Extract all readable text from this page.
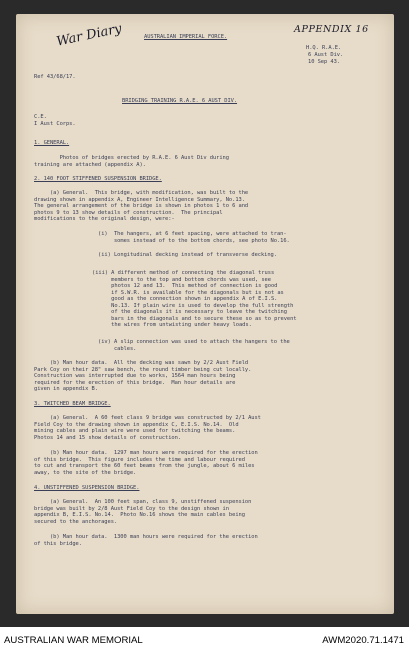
War Diary	APPENDIX 16
AUSTRALIAN IMPERIAL FORCE.
H.Q. R.A.E.
6 Aust Div.
10 Sep 43.
Ref 43/68/17.
BRIDGING TRAINING R.A.E. 6 AUST DIV.
C.E.
I Aust Corps.
1. GENERAL.
Photos of bridges erected by R.A.E. 6 Aust Div during
training are attached (appendix A).
2. 140 FOOT STIFFENED SUSPENSION BRIDGE.
(a) General.  This bridge, with modification, was built to the
drawing shown in appendix A, Engineer Intelligence Summary, No.13.
The general arrangement of the bridge is shown in photos 1 to 6 and
photos 9 to 13 show details of construction.  The principal
modifications to the original design, were:-
(i)  The hangers, at 6 feet spacing, were attached to tran-
somes instead of to the bottom chords, see photo No.16.
(ii) Longitudinal decking instead of transverse decking.
(iii) A different method of connecting the diagonal truss
members to the top and bottom chords was used, see
photos 12 and 13.  This method of connection is good
if S.W.R. is available for the diagonals but is not as
good as the connection shown in appendix A of E.I.S.
No.13. If plain wire is used to develop the full strength
of the diagonals it is necessary to leave the twitching
bars in the diagonals and to secure these so as to prevent
the wires from untwisting under heavy loads.
(iv) A slip connection was used to attach the hangers to the
cables.
(b) Man hour data.  All the decking was sawn by 2/2 Aust Field
Park Coy on their 28" saw bench, the round timber being cut locally.
Construction was interrupted due to works, 1564 man hours being
required for the erection of this bridge.  Man hour details are
given in appendix B.
3. TWITCHED BEAM BRIDGE.
(a) General.  A 60 feet class 9 bridge was constructed by 2/1 Aust
Field Coy to the drawing shown in appendix C, E.I.S. No.14.  Old
mining cables and plain wire were used for twitching the beams.
Photos 14 and 15 show details of construction.
(b) Man hour data.  1297 man hours were required for the erection
of this bridge.  This figure includes the time and labour required
to cut and transport the 60 feet beams from the jungle, about 6 miles
away, to the site of the bridge.
4. UNSTIFFENED SUSPENSION BRIDGE.
(a) General.  An 100 feet span, class 9, unstiffened suspension
bridge was built by 2/8 Aust Field Coy to the design shown in
appendix B, E.I.S. No.14.  Photo No.16 shows the main cables being
secured to the anchorages.
(b) Man hour data.  1300 man hours were required for the erection
of this bridge.
AUSTRALIAN WAR MEMORIAL	AWM2020.71.1471
